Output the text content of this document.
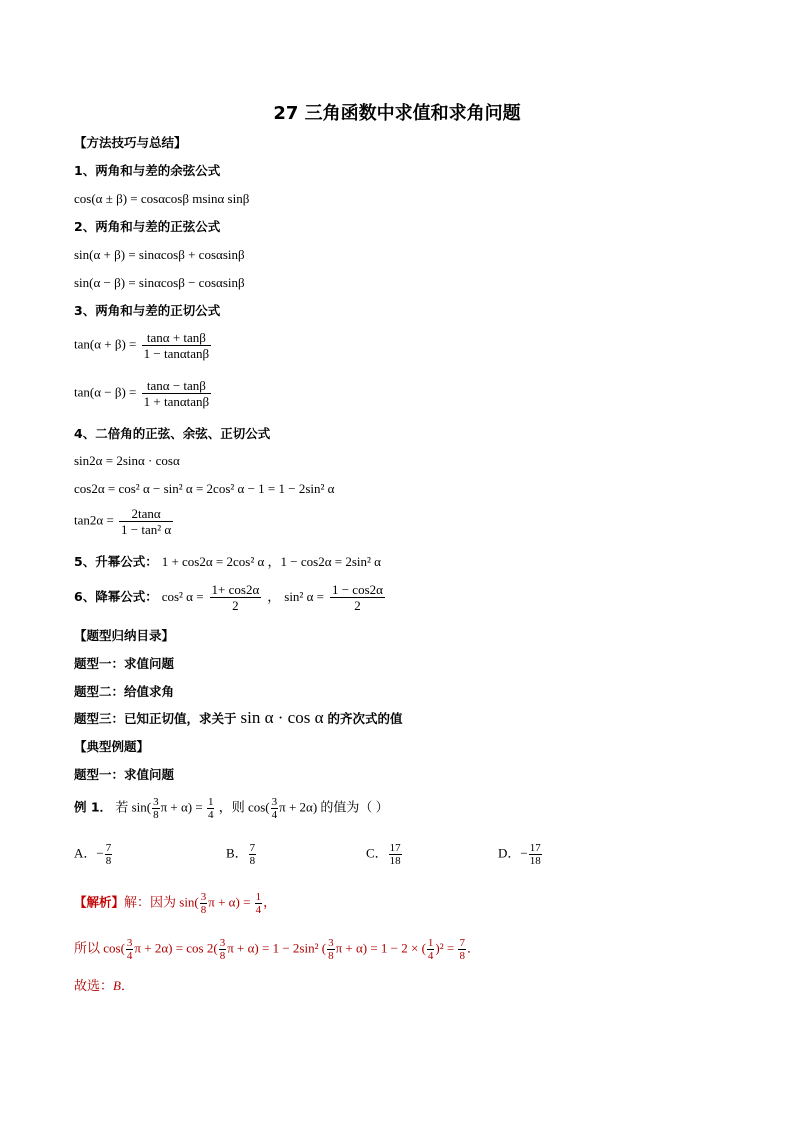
27 三角函数中求值和求角问题
【方法技巧与总结】
1、两角和与差的余弦公式
cos(α ± β) = cosαcosβ msinα sinβ
2、两角和与差的正弦公式
sin(α + β) = sinαcosβ + cosαsinβ
sin(α − β) = sinαcosβ − cosαsinβ
3、两角和与差的正切公式
$\tan(\alpha + \beta) = \frac{\tan\alpha + \tan\beta}{1 - \tan\alpha\tan\beta}$
$\tan(\alpha - \beta) = \frac{\tan\alpha - \tan\beta}{1 + \tan\alpha\tan\beta}$
4、二倍角的正弦、余弦、正切公式
sin2α = 2sinα · cosα
cos2α = cos² α − sin² α = 2cos² α − 1 = 1 − 2sin² α
$\tan 2\alpha = \frac{2\tan\alpha}{\text{1 − tan² α}}$
5、升幂公式： 1 + cos2α = 2cos² α ，1 − cos2α = 2sin² α
6、降幂公式： cos² $\alpha = \frac{1+ \cos 2\alpha}{2}$ ， sin² $\alpha = \frac{1 - \cos 2\alpha}{2}$
【题型归纳目录】
题型一：求值问题
题型二：给值求角
题型三：已知正切值，求关于 sin α · cos α 的齐次式的值
【典型例题】
题型一：求值问题
例 1． 若 $\sin( \frac{3}{8}$ $\pi + \alpha) = \frac{1}{4}$ ，则 $\cos( \frac{3}{4}$ π + 2α) 的值为（ ）
A．− $\frac{7}{8}$	B． $\frac{7}{8}$	C． $\frac{17}{18}$	D．− $\frac{17}{18}$
【解析】解：因为 $\sin( \frac{3}{8}$ $\pi + \alpha) = \frac{1}{4}$ ，
所以 $\cos( \frac{3}{4}$ $\pi + 2\alpha) = \cos 2( \frac{3}{8}$ π + α) = 1 − 2sin² ( $\frac{3}{8}$ π + α) = 1 − 2 × ( $\frac{1}{4} )^2 = \frac{7}{8}$ ．
故选：B．
